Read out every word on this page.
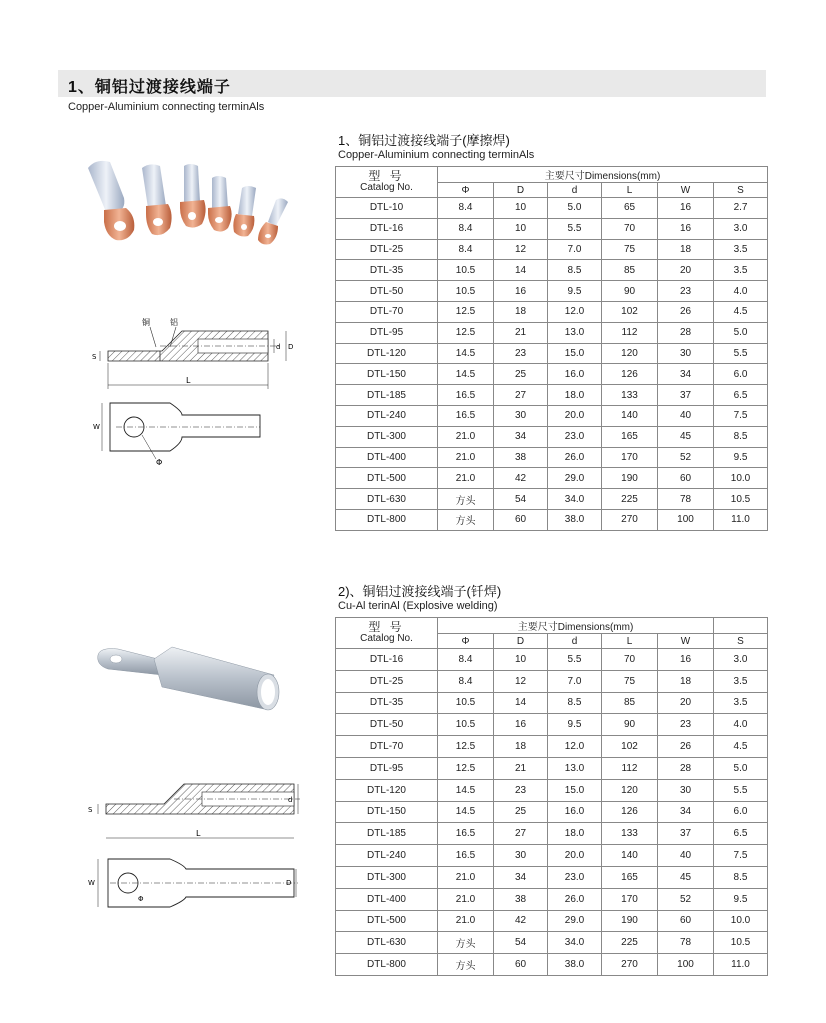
1、铜铝过渡接线端子
Copper-Aluminium connecting terminAls
1、铜铝过渡接线端子(摩擦焊)
Copper-Aluminium connecting terminAls
铜	铝
L
S
d D
W
Φ
型 号
Catalog No.	主要尺寸Dimensions(mm)					
	Φ	D	d	L	W	S
DTL-10	8.4	10	5.0	65	16	2.7
DTL-16	8.4	10	5.5	70	16	3.0
DTL-25	8.4	12	7.0	75	18	3.5
DTL-35	10.5	14	8.5	85	20	3.5
DTL-50	10.5	16	9.5	90	23	4.0
DTL-70	12.5	18	12.0	102	26	4.5
DTL-95	12.5	21	13.0	112	28	5.0
DTL-120	14.5	23	15.0	120	30	5.5
DTL-150	14.5	25	16.0	126	34	6.0
DTL-185	16.5	27	18.0	133	37	6.5
DTL-240	16.5	30	20.0	140	40	7.5
DTL-300	21.0	34	23.0	165	45	8.5
DTL-400	21.0	38	26.0	170	52	9.5
DTL-500	21.0	42	29.0	190	60	10.0
DTL-630	方头	54	34.0	225	78	10.5
DTL-800	方头	60	38.0	270	100	11.0
2)、铜铝过渡接线端子(钎焊)
Cu-Al terinAl (Explosive welding)
S
L
d
W
Φ
D
型 号
Catalog No.	主要尺寸Dimensions(mm)					
	Φ	D	d	L	W	S
DTL-16	8.4	10	5.5	70	16	3.0
DTL-25	8.4	12	7.0	75	18	3.5
DTL-35	10.5	14	8.5	85	20	3.5
DTL-50	10.5	16	9.5	90	23	4.0
DTL-70	12.5	18	12.0	102	26	4.5
DTL-95	12.5	21	13.0	112	28	5.0
DTL-120	14.5	23	15.0	120	30	5.5
DTL-150	14.5	25	16.0	126	34	6.0
DTL-185	16.5	27	18.0	133	37	6.5
DTL-240	16.5	30	20.0	140	40	7.5
DTL-300	21.0	34	23.0	165	45	8.5
DTL-400	21.0	38	26.0	170	52	9.5
DTL-500	21.0	42	29.0	190	60	10.0
DTL-630	方头	54	34.0	225	78	10.5
DTL-800	方头	60	38.0	270	100	11.0
